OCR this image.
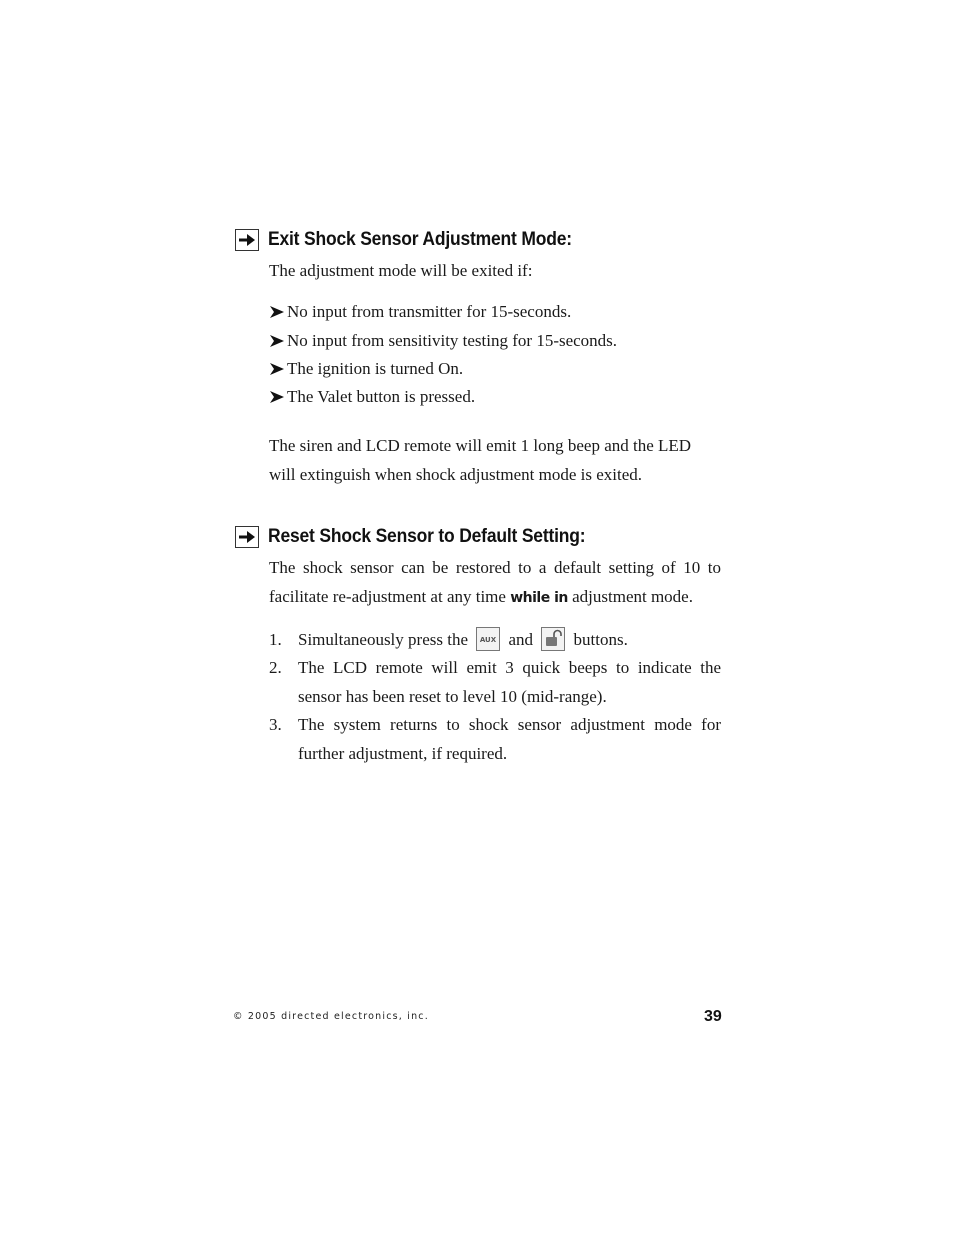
Exit Shock Sensor Adjustment Mode:
The adjustment mode will be exited if:
No input from transmitter for 15-seconds.
No input from sensitivity testing for 15-seconds.
The ignition is turned On.
The Valet button is pressed.
The siren and LCD remote will emit 1 long beep and the LED will extinguish when shock adjustment mode is exited.
Reset Shock Sensor to Default Setting:
The shock sensor can be restored to a default setting of 10 to facilitate re-adjustment at any time while in adjustment mode.
1. Simultaneously press the AUX and buttons.
2. The LCD remote will emit 3 quick beeps to indicate the sensor has been reset to level 10 (mid-range).
3. The system returns to shock sensor adjustment mode for further adjustment, if required.
© 2005 directed electronics, inc.	39
